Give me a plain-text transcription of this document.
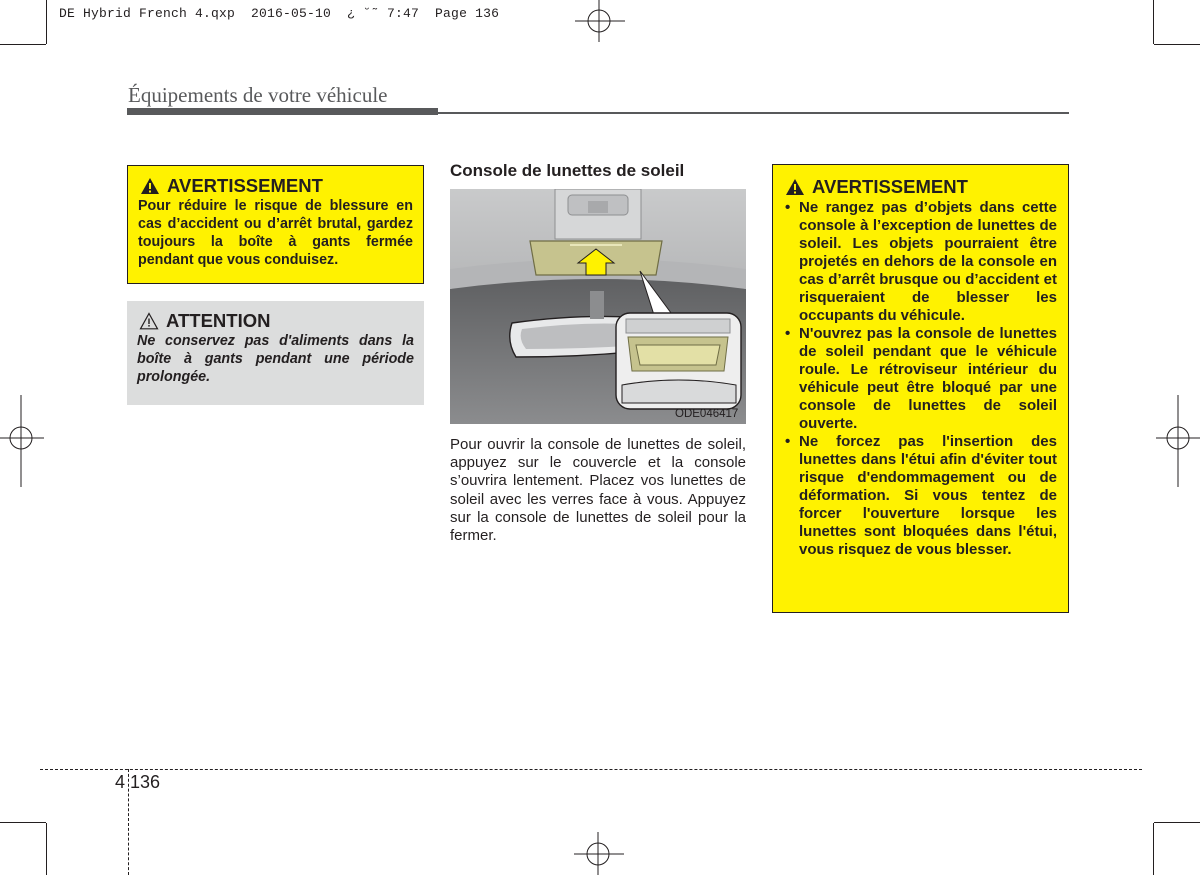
DE Hybrid French 4.qxp  2016-05-10  ¿ ˘˜ 7:47  Page 136
Équipements de votre véhicule
AVERTISSEMENT
Pour réduire le risque de blessure en cas d’accident ou d’arrêt brutal, gardez toujours la boîte à gants fermée pendant que vous conduisez.
ATTENTION
Ne conservez pas d'aliments dans la boîte à gants pendant une période prolongée.
Console de lunettes de soleil
ODE046417
Pour ouvrir la console de lunettes de soleil, appuyez sur le couvercle et la console s’ouvrira lentement. Placez vos lunettes de soleil avec les verres face à vous. Appuyez sur la console de lunettes de soleil pour la fermer.
AVERTISSEMENT
• Ne rangez pas d’objets dans cette console à l’exception de lunettes de soleil. Les objets pourraient être projetés en dehors de la console en cas d’arrêt brusque ou d’accident et risqueraient de blesser les occupants du véhicule.
• N'ouvrez pas la console de lunettes de soleil pendant que le véhicule roule. Le rétroviseur intérieur du véhicule peut être bloqué par une console de lunettes de soleil ouverte.
• Ne forcez pas l'insertion des lunettes dans l'étui afin d'éviter tout risque d'endommagement ou de déformation. Si vous tentez de forcer l'ouverture lorsque les lunettes sont bloquées dans l'étui, vous risquez de vous blesser.
4 136
